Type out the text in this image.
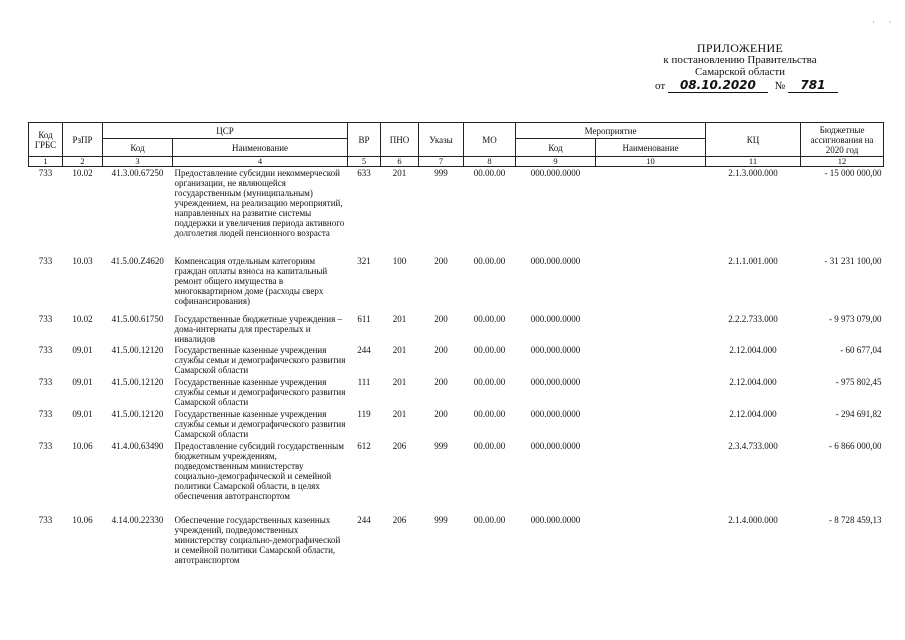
· ·
ПРИЛОЖЕНИЕ
к постановлению Правительства
Самарской области
от 08.10.2020 № 781
Код ГРБС	РзПР	ЦСР		ВР	ПНО	Указы	МО	Мероприятие		КЦ	Бюджетные ассигнования на 2020 год
		Код	Наименование					Код	Наименование		
1	2	3	4	5	6	7	8	9	10	11	12
733	10.02	41.3.00.67250	Предоставление субсидии некоммерческой организации, не являющейся государственным (муниципальным) учреждением, на реализацию мероприятий, направленных на развитие системы поддержки и увеличения периода активного долголетия людей пенсионного возраста	633	201	999	00.00.00	000.000.0000		2.1.3.000.000	- 15 000 000,00
733	10.03	41.5.00.Z4620	Компенсация отдельным категориям граждан оплаты взноса на капитальный ремонт общего имущества в многоквартирном доме (расходы сверх софинансирования)	321	100	200	00.00.00	000.000.0000		2.1.1.001.000	- 31 231 100,00
733	10.02	41.5.00.61750	Государственные бюджетные учреждения – дома-интернаты для престарелых и инвалидов	611	201	200	00.00.00	000.000.0000		2.2.2.733.000	- 9 973 079,00
733	09.01	41.5.00.12120	Государственные казенные учреждения службы семьи и демографического развития Самарской области	244	201	200	00.00.00	000.000.0000		2.12.004.000	- 60 677,04
733	09.01	41.5.00.12120	Государственные казенные учреждения службы семьи и демографического развития Самарской области	111	201	200	00.00.00	000.000.0000		2.12.004.000	- 975 802,45
733	09.01	41.5.00.12120	Государственные казенные учреждения службы семьи и демографического развития Самарской области	119	201	200	00.00.00	000.000.0000		2.12.004.000	- 294 691,82
733	10.06	41.4.00.63490	Предоставление субсидий государственным бюджетным учреждениям, подведомственным министерству социально-демографической и семейной политики Самарской области, в целях обеспечения автотранспортом	612	206	999	00.00.00	000.000.0000		2.3.4.733.000	- 6 866 000,00
733	10.06	4.14.00.22330	Обеспечение государственных казенных учреждений, подведомственных министерству социально-демографической и семейной политики Самарской области, автотранспортом	244	206	999	00.00.00	000.000.0000		2.1.4.000.000	- 8 728 459,13
